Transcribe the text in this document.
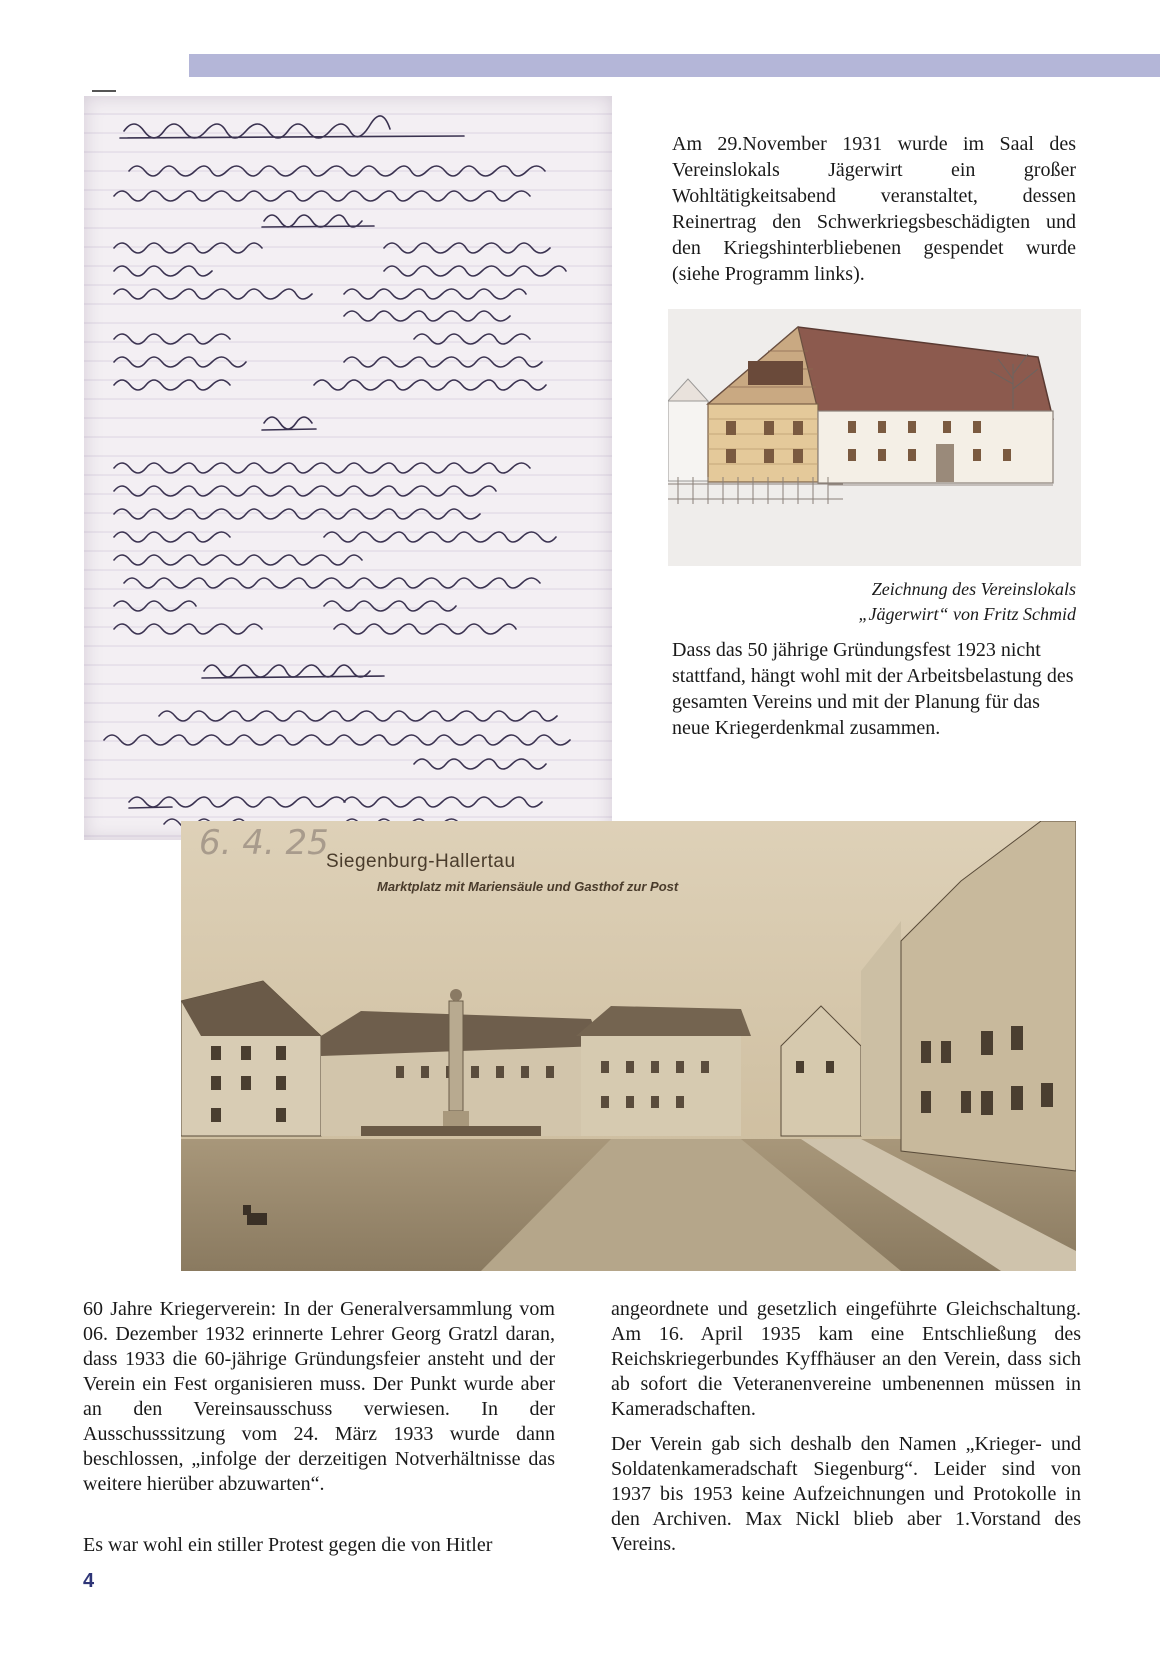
Am 29.November 1931 wurde im Saal des Vereinslokals Jägerwirt ein großer Wohltätigkeitsabend veranstaltet, dessen Reinertrag den Schwerkriegsbeschädigten und den Kriegshinterbliebenen gespendet wurde (siehe Programm links).
Zeichnung des Vereinslokals
„Jägerwirt“ von Fritz Schmid
Dass das 50 jährige Gründungsfest 1923 nicht stattfand, hängt wohl mit der Arbeitsbelastung des gesamten Vereins und mit der Planung für das neue Kriegerdenkmal zusammen.
6. 4. 25
Siegenburg-Hallertau
Marktplatz mit Mariensäule und Gasthof zur Post
60 Jahre Kriegerverein: In der Generalversammlung vom 06. Dezember 1932 erinnerte Lehrer Georg Gratzl daran, dass 1933 die 60-jährige Gründungsfeier ansteht und der Verein ein Fest organisieren muss. Der Punkt wurde aber an den Vereinsausschuss verwiesen. In der Ausschusssitzung vom 24. März 1933 wurde dann beschlossen, „infolge der derzeitigen Notverhältnisse das weitere hierüber abzuwarten“.
Es war wohl ein stiller Protest gegen die von Hitler
angeordnete und gesetzlich eingeführte Gleichschaltung. Am 16. April 1935 kam eine Entschließung des Reichskriegerbundes Kyffhäuser an den Verein, dass sich ab sofort die Veteranenvereine umbenennen müssen in Kameradschaften.
Der Verein gab sich deshalb den Namen „Krieger- und Soldatenkameradschaft Siegenburg“. Leider sind von 1937 bis 1953 keine Aufzeichnungen und Protokolle in den Archiven. Max Nickl blieb aber 1.Vorstand des Vereins.
4
